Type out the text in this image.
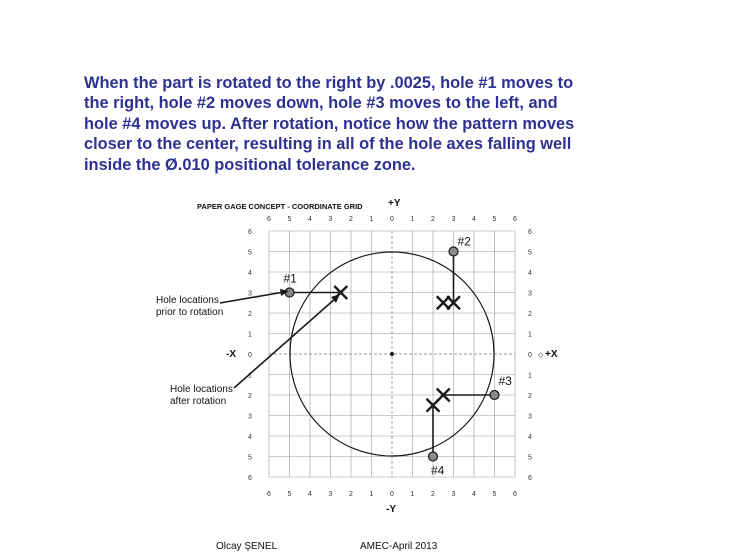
When the part is rotated to the right by .0025, hole #1 moves to
the right, hole #2 moves down, hole #3 moves to the left, and
hole #4 moves up. After rotation, notice how the pattern moves
closer to the center, resulting in all of the hole axes falling well
inside the Ø.010 positional tolerance zone.
6 5 4 3 2 1 0 1 2 3 4 5 6
6 5 4 3 2 1 0 1 2 3 4 5 6
6
5
4
3
2
1
0
1
2
3
4
5
6
6
5
4
3
2
1
0
1
2
3
4
5
6
#1
#2
#3
#4
PAPER GAGE CONCEPT - COORDINATE GRID	+Y
-Y
+X
-X	◇
Hole locations
prior to rotation
Hole locations
after rotation
Olcay ŞENEL	AMEC-April 2013
